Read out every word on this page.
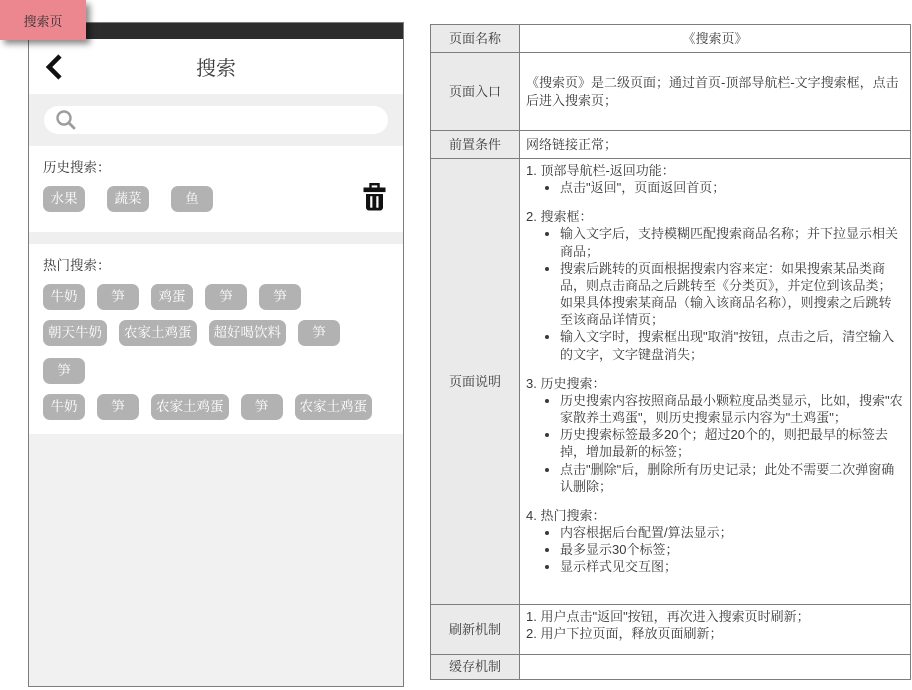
搜索
历史搜索：
水果	蔬菜	鱼
热门搜索：
牛奶	笋	鸡蛋	笋	笋
朝天牛奶	农家土鸡蛋	超好喝饮料	笋
笋
牛奶	笋	农家土鸡蛋	笋	农家土鸡蛋
搜索页
页面名称	《搜索页》
页面入口	《搜索页》是二级页面；通过首页-顶部导航栏-文字搜索框，点击后进入搜索页；
前置条件	网络链接正常；
页面说明	
1. 顶部导航栏-返回功能：
• 点击"返回"，页面返回首页；
2. 搜索框：
• 输入文字后，支持模糊匹配搜索商品名称；并下拉显示相关商品；
• 搜索后跳转的页面根据搜索内容来定：如果搜索某品类商品，则点击商品之后跳转至《分类页》，并定位到该品类；如果具体搜索某商品（输入该商品名称），则搜索之后跳转至该商品详情页；
• 输入文字时，搜索框出现"取消"按钮，点击之后，清空输入的文字，文字键盘消失；
3. 历史搜索：
• 历史搜索内容按照商品最小颗粒度品类显示，比如，搜索"农家散养土鸡蛋"，则历史搜索显示内容为"土鸡蛋"；
• 历史搜索标签最多20个；超过20个的，则把最早的标签去掉，增加最新的标签；
• 点击"删除"后，删除所有历史记录；此处不需要二次弹窗确认删除；
4. 热门搜索：
• 内容根据后台配置/算法显示；
• 最多显示30个标签；
• 显示样式见交互图；

刷新机制	1. 用户点击"返回"按钮，再次进入搜索页时刷新；
2. 用户下拉页面，释放页面刷新；

缓存机制	
